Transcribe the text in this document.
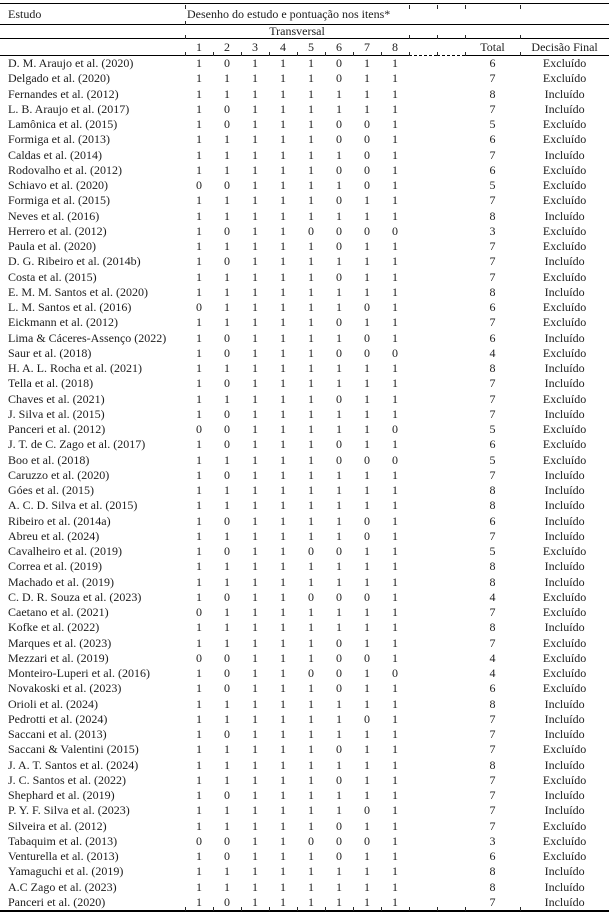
Estudo	Desenho do estudo e pontuação nos itens*											
	Transversal											
	1	2	3	4	5	6	7	8			Total	Decisão Final
D. M. Araujo et al. (2020)	1	0	1	1	1	0	1	1			6	Excluído
Delgado et al. (2020)	1	1	1	1	1	0	1	1			7	Excluído
Fernandes et al. (2012)	1	1	1	1	1	1	1	1			8	Incluído
L. B. Araujo et al. (2017)	1	0	1	1	1	1	1	1			7	Incluído
Lamônica et al. (2015)	1	0	1	1	1	0	0	1			5	Excluído
Formiga et al. (2013)	1	1	1	1	1	0	0	1			6	Excluído
Caldas et al. (2014)	1	1	1	1	1	1	0	1			7	Incluído
Rodovalho et al. (2012)	1	1	1	1	1	0	0	1			6	Excluído
Schiavo et al. (2020)	0	0	1	1	1	1	0	1			5	Excluído
Formiga et al. (2015)	1	1	1	1	1	0	1	1			7	Excluído
Neves et al. (2016)	1	1	1	1	1	1	1	1			8	Incluído
Herrero et al. (2012)	1	0	1	1	0	0	0	0			3	Excluído
Paula et al. (2020)	1	1	1	1	1	0	1	1			7	Excluído
D. G. Ribeiro et al. (2014b)	1	0	1	1	1	1	1	1			7	Incluído
Costa et al. (2015)	1	1	1	1	1	0	1	1			7	Excluído
E. M. M. Santos et al. (2020)	1	1	1	1	1	1	1	1			8	Incluído
L. M. Santos et al. (2016)	0	1	1	1	1	1	0	1			6	Excluído
Eickmann et al. (2012)	1	1	1	1	1	0	1	1			7	Excluído
Lima & Cáceres-Assenço (2022)	1	0	1	1	1	1	0	1			6	Incluído
Saur et al. (2018)	1	0	1	1	1	0	0	0			4	Excluído
H. A. L. Rocha et al. (2021)	1	1	1	1	1	1	1	1			8	Incluído
Tella et al. (2018)	1	0	1	1	1	1	1	1			7	Incluído
Chaves et al. (2021)	1	1	1	1	1	0	1	1			7	Excluído
J. Silva et al. (2015)	1	0	1	1	1	1	1	1			7	Incluído
Panceri et al. (2012)	0	0	1	1	1	1	1	0			5	Excluído
J. T. de C. Zago et al. (2017)	1	0	1	1	1	0	1	1			6	Excluído
Boo et al. (2018)	1	1	1	1	1	0	0	0			5	Excluído
Caruzzo et al. (2020)	1	0	1	1	1	1	1	1			7	Incluído
Góes et al. (2015)	1	1	1	1	1	1	1	1			8	Incluído
A. C. D. Silva et al. (2015)	1	1	1	1	1	1	1	1			8	Incluído
Ribeiro et al. (2014a)	1	0	1	1	1	1	0	1			6	Incluído
Abreu et al. (2024)	1	1	1	1	1	1	0	1			7	Incluído
Cavalheiro et al. (2019)	1	0	1	1	0	0	1	1			5	Excluído
Correa et al. (2019)	1	1	1	1	1	1	1	1			8	Incluído
Machado et al. (2019)	1	1	1	1	1	1	1	1			8	Incluído
C. D. R. Souza et al. (2023)	1	0	1	1	0	0	0	1			4	Excluído
Caetano et al. (2021)	0	1	1	1	1	1	1	1			7	Excluído
Kofke et al. (2022)	1	1	1	1	1	1	1	1			8	Incluído
Marques et al. (2023)	1	1	1	1	1	0	1	1			7	Excluído
Mezzari et al. (2019)	0	0	1	1	1	0	0	1			4	Excluído
Monteiro-Luperi et al. (2016)	1	0	1	1	0	0	1	0			4	Excluído
Novakoski et al. (2023)	1	0	1	1	1	0	1	1			6	Excluído
Orioli et al. (2024)	1	1	1	1	1	1	1	1			8	Incluído
Pedrotti et al. (2024)	1	1	1	1	1	1	0	1			7	Incluído
Saccani et al. (2013)	1	0	1	1	1	1	1	1			7	Incluído
Saccani & Valentini (2015)	1	1	1	1	1	0	1	1			7	Excluído
J. A. T. Santos et al. (2024)	1	1	1	1	1	1	1	1			8	Incluído
J. C. Santos et al. (2022)	1	1	1	1	1	0	1	1			7	Excluído
Shephard et al. (2019)	1	0	1	1	1	1	1	1			7	Incluído
P. Y. F. Silva et al. (2023)	1	1	1	1	1	1	0	1			7	Incluído
Silveira et al. (2012)	1	1	1	1	1	0	1	1			7	Excluído
Tabaquim et al. (2013)	0	0	1	1	0	0	0	1			3	Excluído
Venturella et al. (2013)	1	0	1	1	1	0	1	1			6	Excluído
Yamaguchi et al. (2019)	1	1	1	1	1	1	1	1			8	Incluído
A.C Zago et al. (2023)	1	1	1	1	1	1	1	1			8	Incluído
Panceri et al. (2020)	1	0	1	1	1	1	1	1			7	Incluído
